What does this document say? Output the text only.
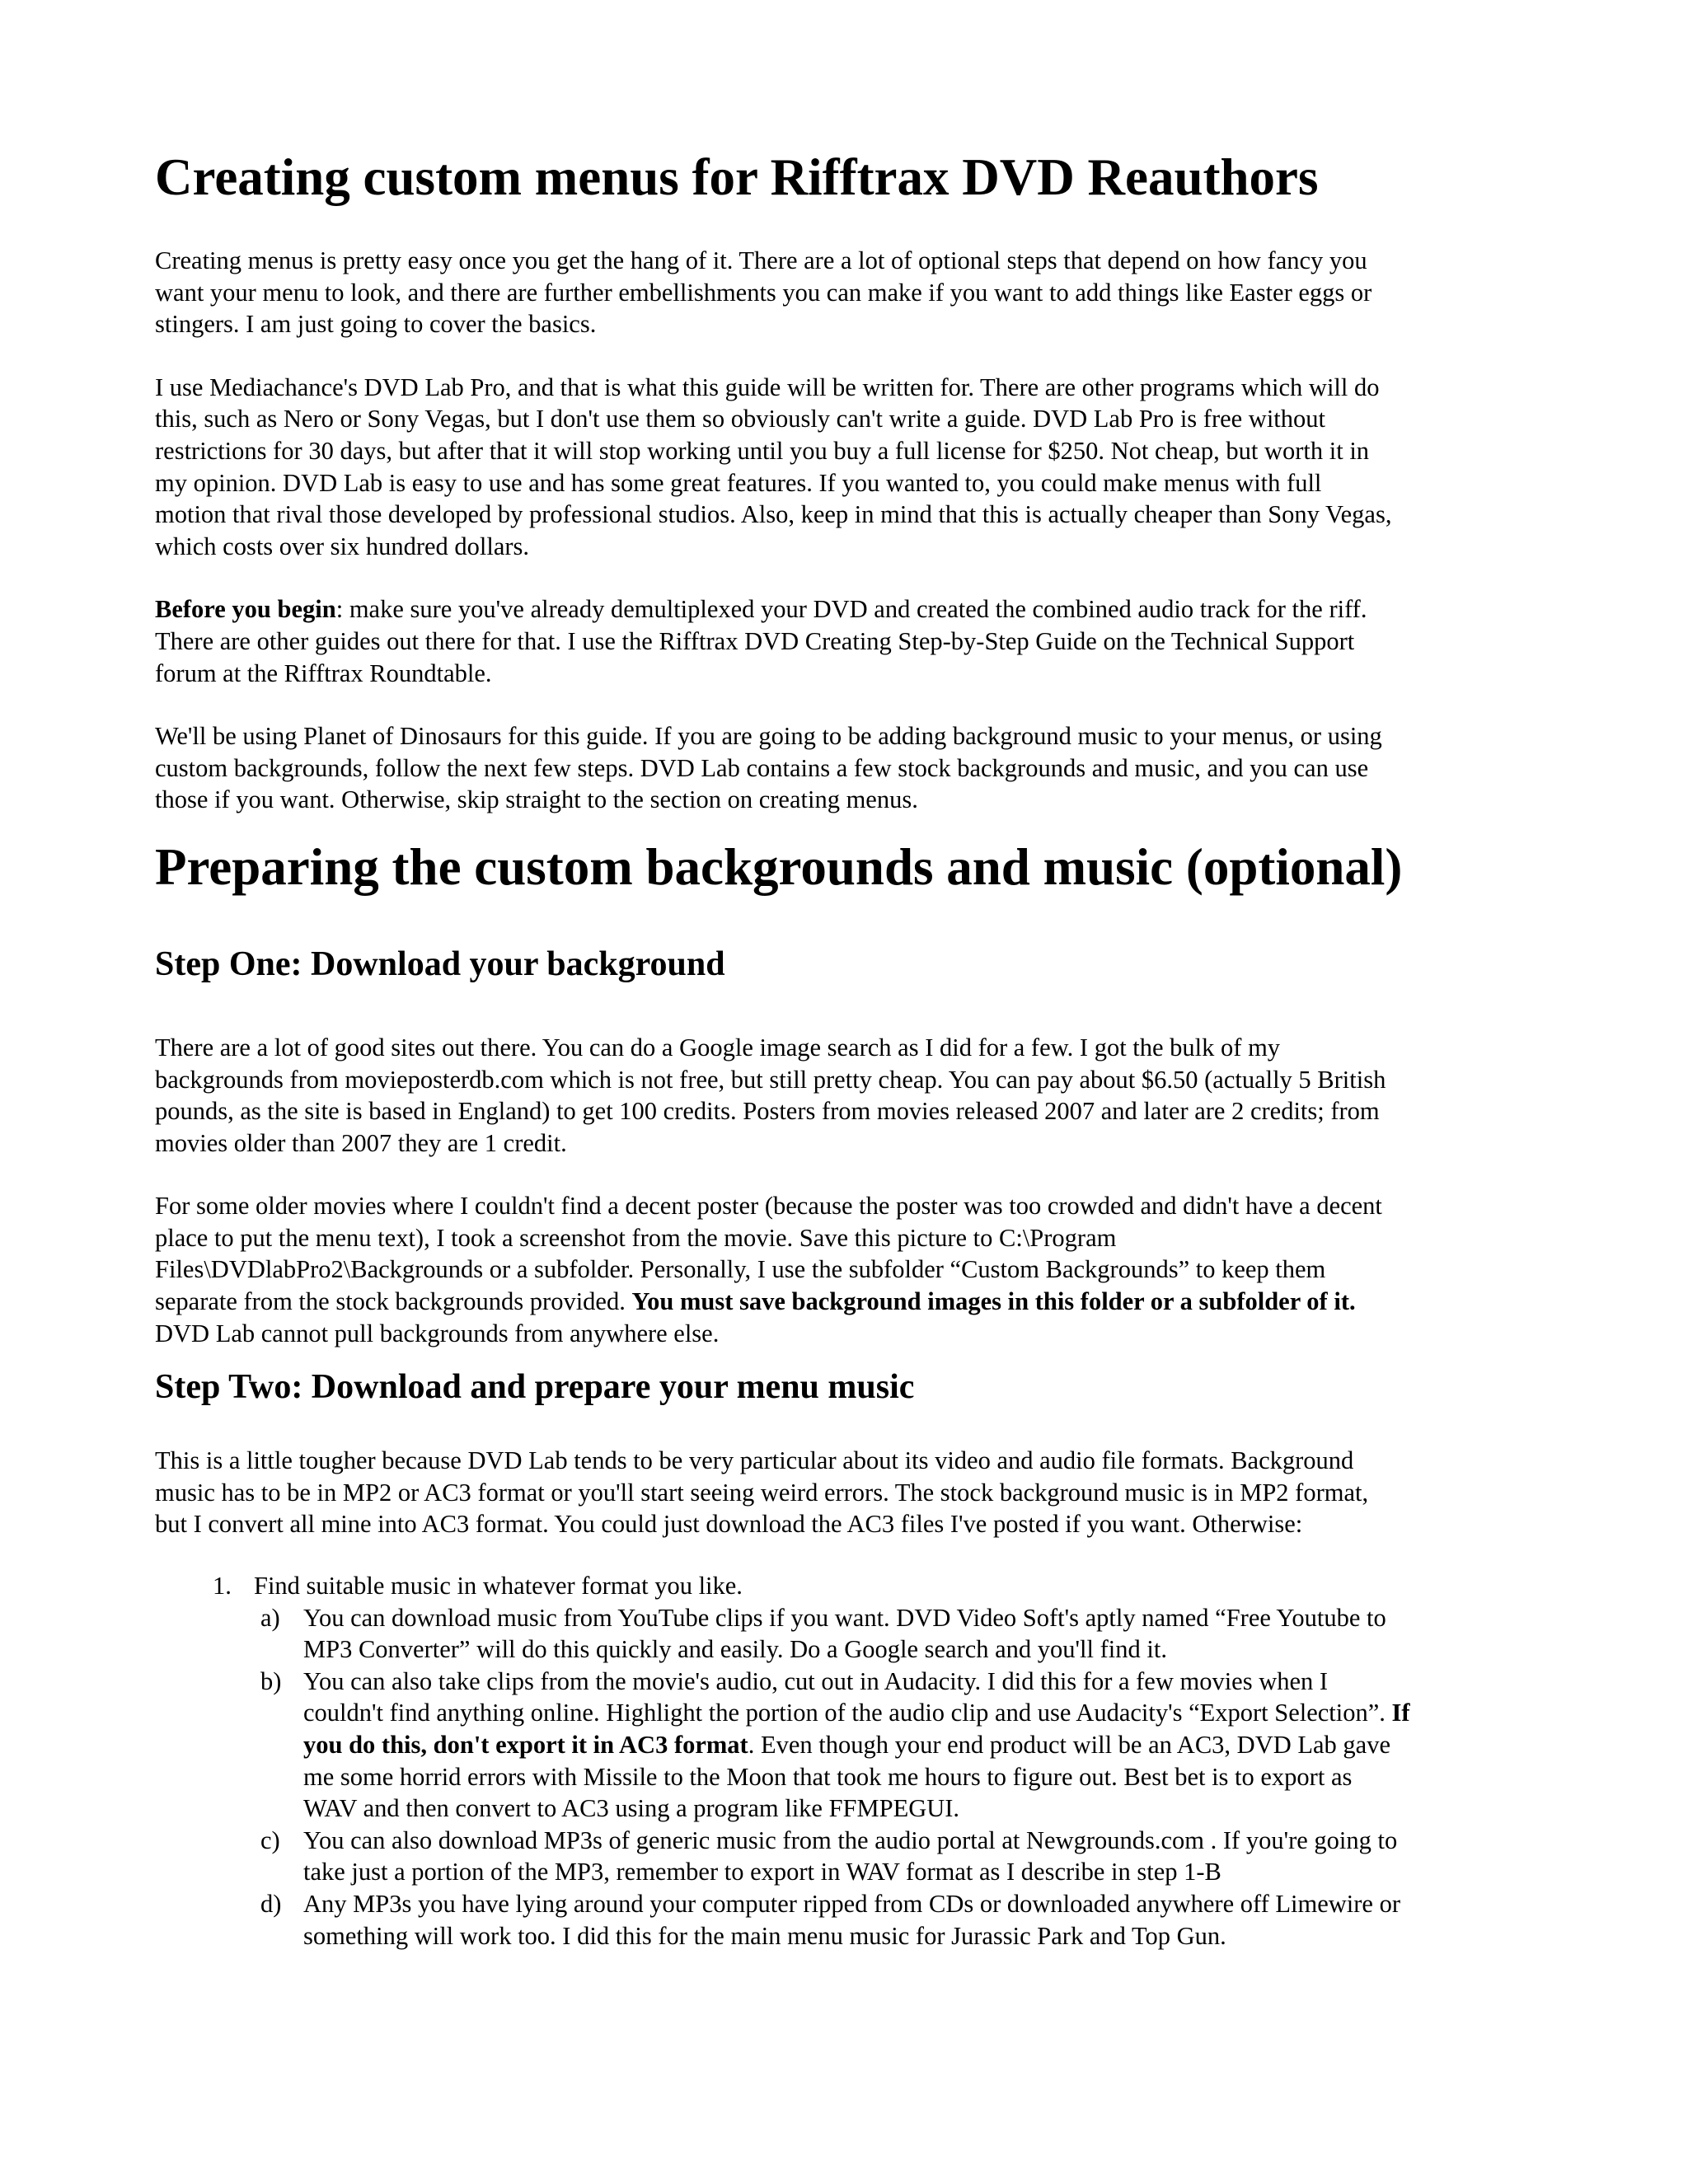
Creating custom menus for Rifftrax DVD Reauthors

Creating menus is pretty easy once you get the hang of it. There are a lot of optional steps that depend on how fancy you
want your menu to look, and there are further embellishments you can make if you want to add things like Easter eggs or
stingers. I am just going to cover the basics.

I use Mediachance's DVD Lab Pro, and that is what this guide will be written for. There are other programs which will do
this, such as Nero or Sony Vegas, but I don't use them so obviously can't write a guide. DVD Lab Pro is free without
restrictions for 30 days, but after that it will stop working until you buy a full license for $250. Not cheap, but worth it in
my opinion. DVD Lab is easy to use and has some great features. If you wanted to, you could make menus with full
motion that rival those developed by professional studios. Also, keep in mind that this is actually cheaper than Sony Vegas,
which costs over six hundred dollars.

Before you begin: make sure you've already demultiplexed your DVD and created the combined audio track for the riff.
There are other guides out there for that. I use the Rifftrax DVD Creating Step-by-Step Guide on the Technical Support
forum at the Rifftrax Roundtable.

We'll be using Planet of Dinosaurs for this guide. If you are going to be adding background music to your menus, or using
custom backgrounds, follow the next few steps. DVD Lab contains a few stock backgrounds and music, and you can use
those if you want. Otherwise, skip straight to the section on creating menus.

Preparing the custom backgrounds and music (optional)
Step One: Download your background

There are a lot of good sites out there. You can do a Google image search as I did for a few. I got the bulk of my
backgrounds from movieposterdb.com which is not free, but still pretty cheap. You can pay about $6.50 (actually 5 British
pounds, as the site is based in England) to get 100 credits. Posters from movies released 2007 and later are 2 credits; from
movies older than 2007 they are 1 credit.

For some older movies where I couldn't find a decent poster (because the poster was too crowded and didn't have a decent
place to put the menu text), I took a screenshot from the movie. Save this picture to C:\Program
Files\DVDlabPro2\Backgrounds or a subfolder. Personally, I use the subfolder “Custom Backgrounds” to keep them
separate from the stock backgrounds provided. You must save background images in this folder or a subfolder of it.
DVD Lab cannot pull backgrounds from anywhere else.

Step Two: Download and prepare your menu music

This is a little tougher because DVD Lab tends to be very particular about its video and audio file formats. Background
music has to be in MP2 or AC3 format or you'll start seeing weird errors. The stock background music is in MP2 format,
but I convert all mine into AC3 format. You could just download the AC3 files I've posted if you want. Otherwise:

1. Find suitable music in whatever format you like.
a) You can download music from YouTube clips if you want. DVD Video Soft's aptly named “Free Youtube to
MP3 Converter” will do this quickly and easily. Do a Google search and you'll find it.
b) You can also take clips from the movie's audio, cut out in Audacity. I did this for a few movies when I
couldn't find anything online. Highlight the portion of the audio clip and use Audacity's “Export Selection”. If
you do this, don't export it in AC3 format. Even though your end product will be an AC3, DVD Lab gave
me some horrid errors with Missile to the Moon that took me hours to figure out. Best bet is to export as
WAV and then convert to AC3 using a program like FFMPEGUI.
c) You can also download MP3s of generic music from the audio portal at Newgrounds.com . If you're going to
take just a portion of the MP3, remember to export in WAV format as I describe in step 1-B
d) Any MP3s you have lying around your computer ripped from CDs or downloaded anywhere off Limewire or
something will work too. I did this for the main menu music for Jurassic Park and Top Gun.
